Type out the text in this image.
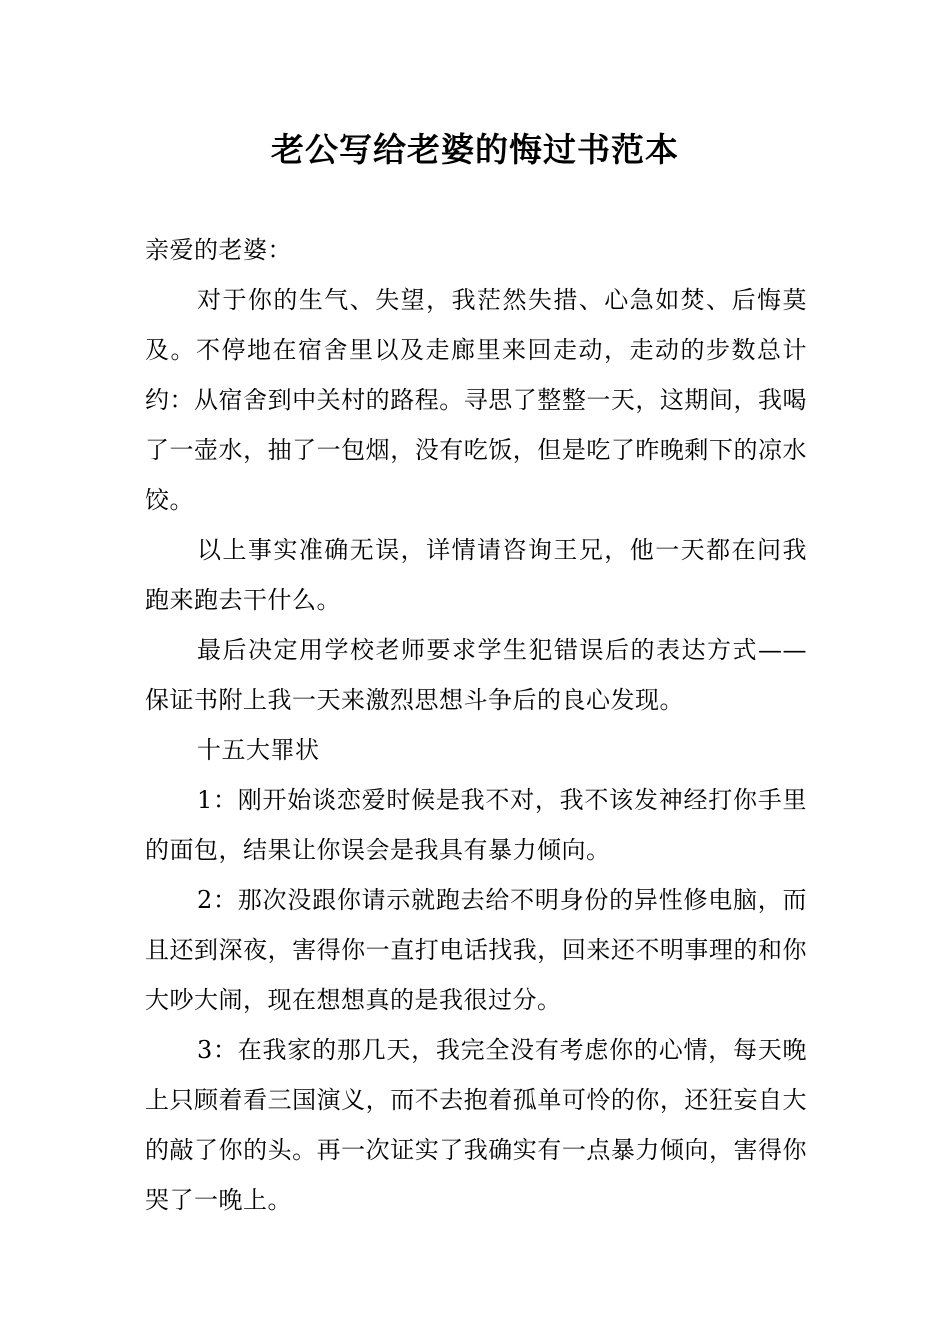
老公写给老婆的悔过书范本

亲爱的老婆：

对于你的生气、失望，我茫然失措、心急如焚、后悔莫及。不停地在宿舍里以及走廊里来回走动，走动的步数总计约：从宿舍到中关村的路程。寻思了整整一天，这期间，我喝了一壶水，抽了一包烟，没有吃饭，但是吃了昨晚剩下的凉水饺。

以上事实准确无误，详情请咨询王兄，他一天都在问我跑来跑去干什么。

最后决定用学校老师要求学生犯错误后的表达方式——保证书附上我一天来激烈思想斗争后的良心发现。

十五大罪状

1：刚开始谈恋爱时候是我不对，我不该发神经打你手里的面包，结果让你误会是我具有暴力倾向。

2：那次没跟你请示就跑去给不明身份的异性修电脑，而且还到深夜，害得你一直打电话找我，回来还不明事理的和你大吵大闹，现在想想真的是我很过分。

3：在我家的那几天，我完全没有考虑你的心情，每天晚上只顾着看三国演义，而不去抱着孤单可怜的你，还狂妄自大的敲了你的头。再一次证实了我确实有一点暴力倾向，害得你哭了一晚上。
